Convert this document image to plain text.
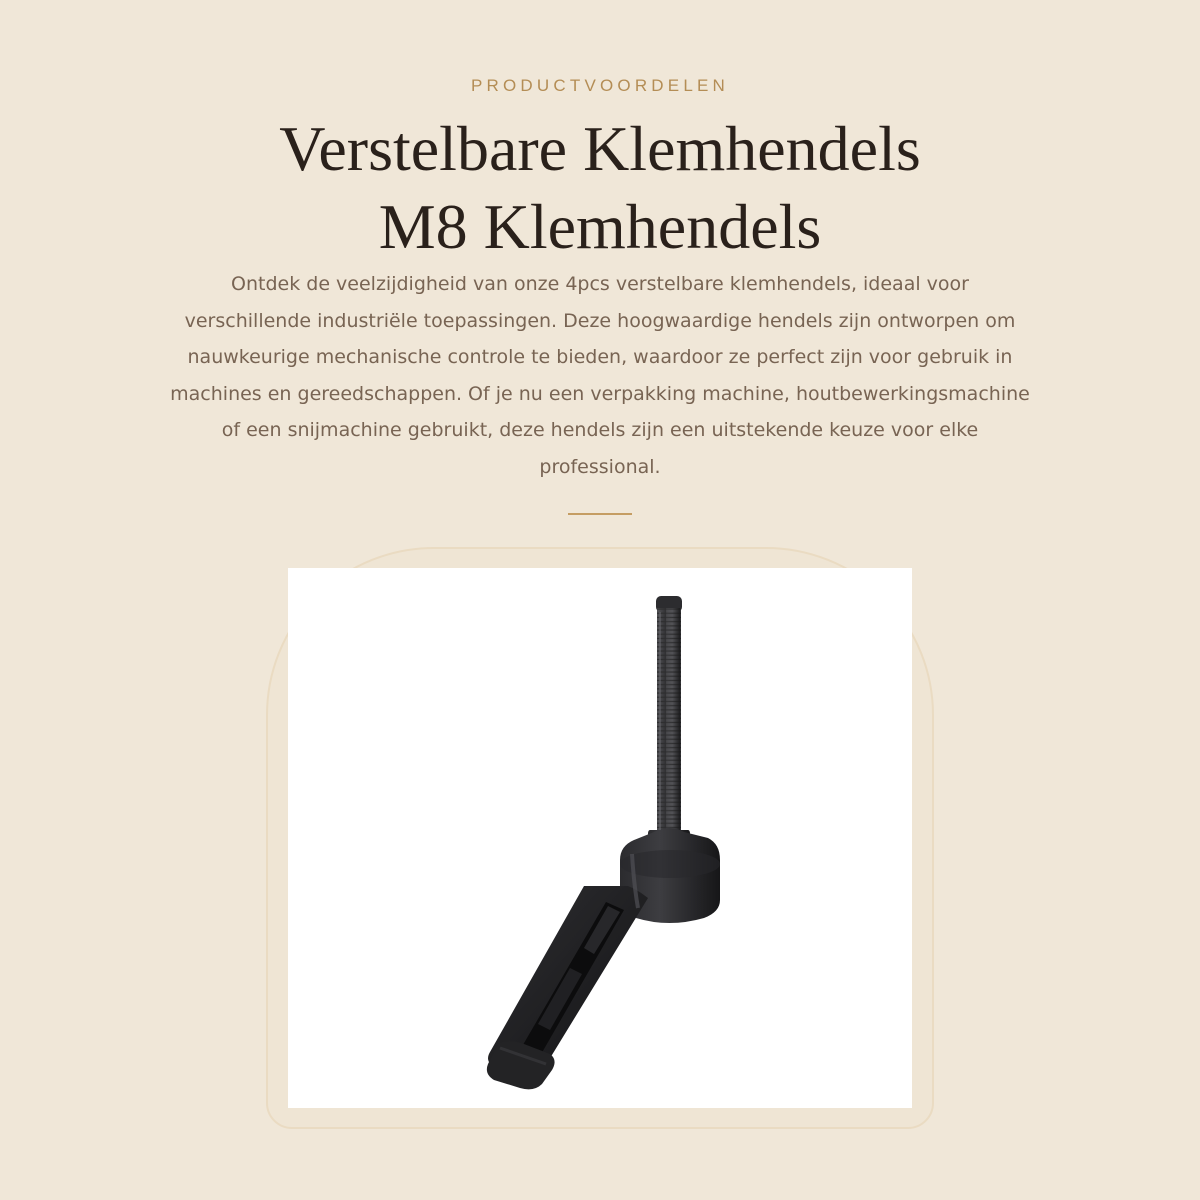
PRODUCTVOORDELEN
Verstelbare Klemhendels
M8 Klemhendels

Ontdek de veelzijdigheid van onze 4pcs verstelbare klemhendels, ideaal voor verschillende industriële toepassingen. Deze hoogwaardige hendels zijn ontworpen om nauwkeurige mechanische controle te bieden, waardoor ze perfect zijn voor gebruik in machines en gereedschappen. Of je nu een verpakking machine, houtbewerkingsmachine of een snijmachine gebruikt, deze hendels zijn een uitstekende keuze voor elke professional.
